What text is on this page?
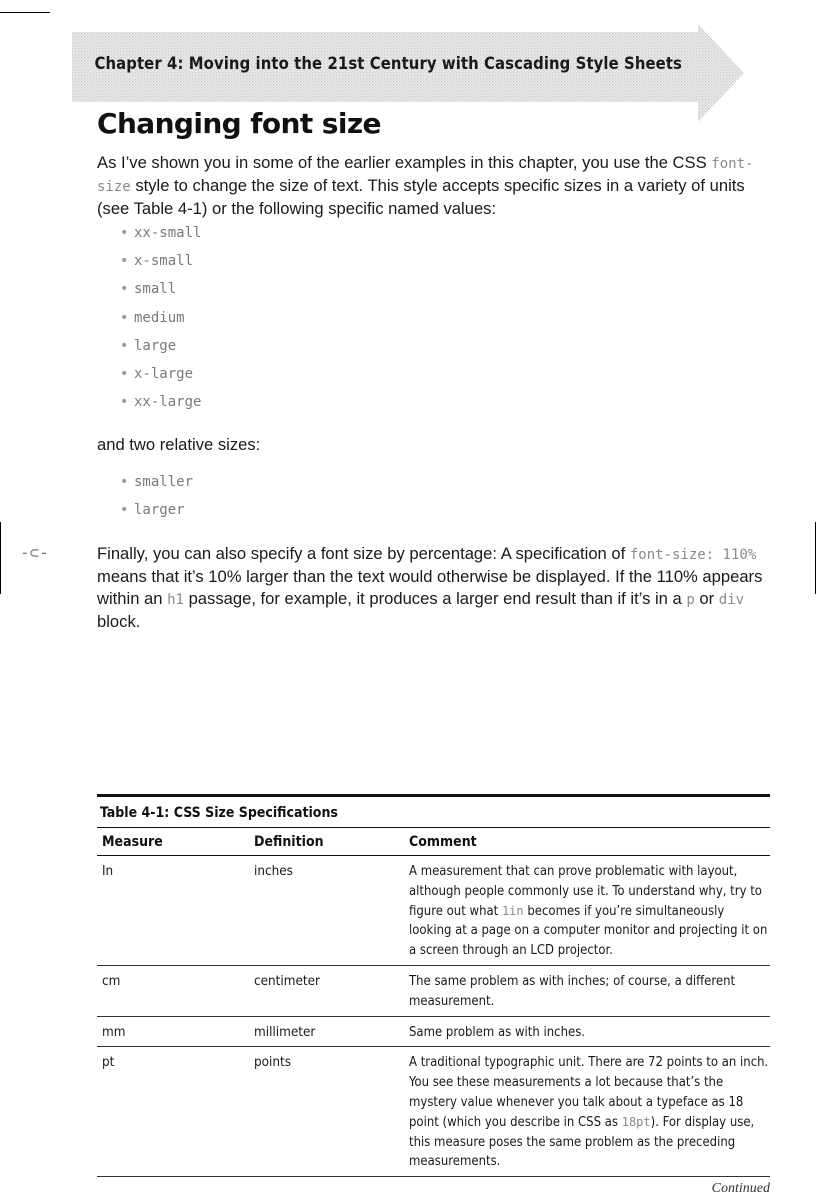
-⊂-
Chapter 4: Moving into the 21st Century with Cascading Style Sheets
Changing font size

As I’ve shown you in some of the earlier examples in this chapter, you use the CSS font-size style to change the size of text. This style accepts specific sizes in a variety of units (see Table 4-1) or the following specific named values:

• xx-small
• x-small
• small
• medium
• large
• x-large
• xx-large

and two relative sizes:

• smaller
• larger

Finally, you can also specify a font size by percentage: A specification of font-size: 110% means that it’s 10% larger than the text would otherwise be displayed. If the 110% appears within an h1 passage, for example, it produces a larger end result than if it’s in a p or div block.

Table 4-1: CSS Size Specifications
Measure	Definition	Comment
In	inches	A measurement that can prove problematic with layout, although people commonly use it. To understand why, try to figure out what 1in becomes if you’re simultaneously looking at a page on a computer monitor and projecting it on a screen through an LCD projector.
cm	centimeter	The same problem as with inches; of course, a different measurement.
mm	millimeter	Same problem as with inches.
pt	points	A traditional typographic unit. There are 72 points to an inch. You see these measurements a lot because that’s the mystery value whenever you talk about a typeface as 18 point (which you describe in CSS as 18pt). For display use, this measure poses the same problem as the preceding measurements.
Continued
